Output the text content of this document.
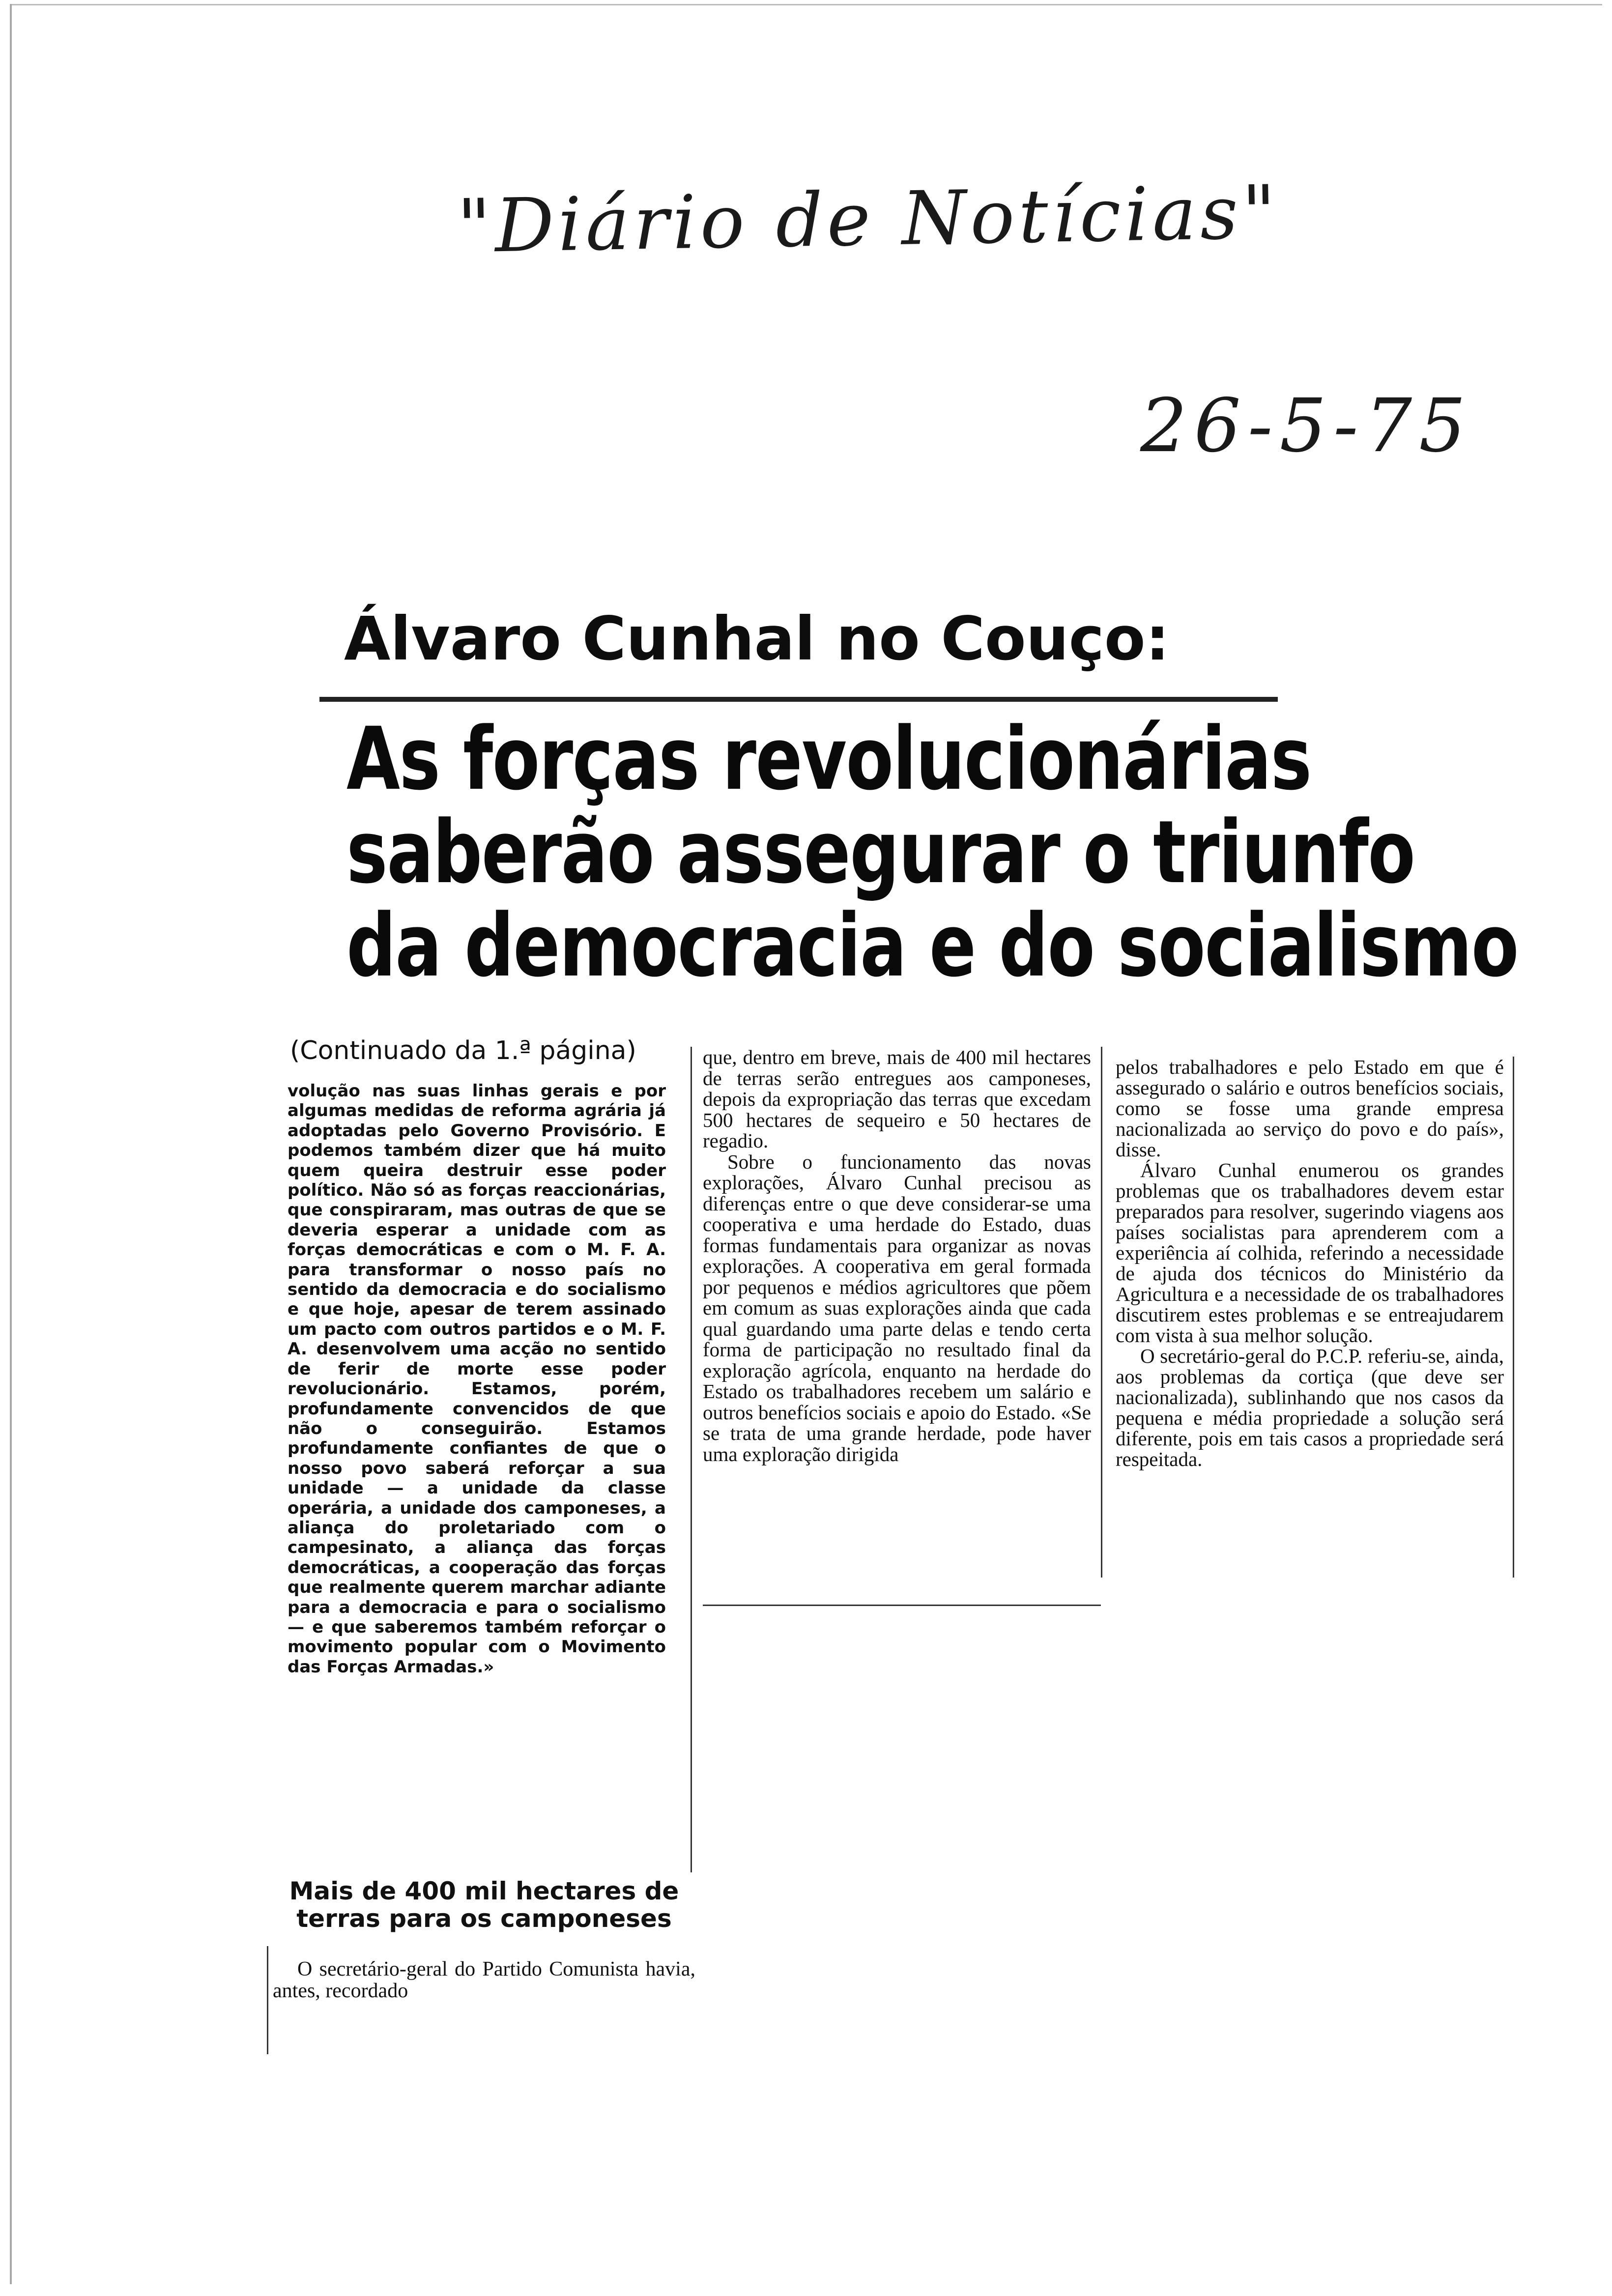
"Diário de Notícias"
26-5-75
Álvaro Cunhal no Couço:
As forças revolucionárias
saberão assegurar o triunfo
da democracia e do socialismo
(Continuado da 1.ª página)

volução nas suas linhas gerais e por algumas medidas de reforma agrária já adoptadas pelo Governo Provisório. E podemos também dizer que há muito quem queira destruir esse poder político. Não só as forças reaccionárias, que conspiraram, mas outras de que se deveria esperar a unidade com as forças democráticas e com o M. F. A. para transformar o nosso país no sentido da democracia e do socialismo e que hoje, apesar de terem assinado um pacto com outros partidos e o M. F. A. desenvolvem uma acção no sentido de ferir de morte esse poder revolucionário. Estamos, porém, profundamente convencidos de que não o conseguirão. Estamos profundamente confiantes de que o nosso povo saberá reforçar a sua unidade — a unidade da classe operária, a unidade dos camponeses, a aliança do proletariado com o campesinato, a aliança das forças democráticas, a cooperação das forças que realmente querem marchar adiante para a democracia e para o socialismo — e que saberemos também reforçar o movimento popular com o Movimento das Forças Armadas.»

que, dentro em breve, mais de 400 mil hectares de terras serão entregues aos camponeses, depois da expropriação das terras que excedam 500 hectares de sequeiro e 50 hectares de regadio.

Sobre o funcionamento das novas explorações, Álvaro Cunhal precisou as diferenças entre o que deve considerar-se uma cooperativa e uma herdade do Estado, duas formas fundamentais para organizar as novas explorações. A cooperativa em geral formada por pequenos e médios agricultores que põem em comum as suas explorações ainda que cada qual guardando uma parte delas e tendo certa forma de participação no resultado final da exploração agrícola, enquanto na herdade do Estado os trabalhadores recebem um salário e outros benefícios sociais e apoio do Estado. «Se se trata de uma grande herdade, pode haver uma exploração dirigida

pelos trabalhadores e pelo Estado em que é assegurado o salário e outros benefícios sociais, como se fosse uma grande empresa nacionalizada ao serviço do povo e do país», disse.

Álvaro Cunhal enumerou os grandes problemas que os trabalhadores devem estar preparados para resolver, sugerindo viagens aos países socialistas para aprenderem com a experiência aí colhida, referindo a necessidade de ajuda dos técnicos do Ministério da Agricultura e a necessidade de os trabalhadores discutirem estes problemas e se entreajudarem com vista à sua melhor solução.

O secretário-geral do P.C.P. referiu-se, ainda, aos problemas da cortiça (que deve ser nacionalizada), sublinhando que nos casos da pequena e média propriedade a solução será diferente, pois em tais casos a propriedade será respeitada.

Mais de 400 mil hectares de terras para os camponeses

O secretário-geral do Partido Comunista havia, antes, recordado
